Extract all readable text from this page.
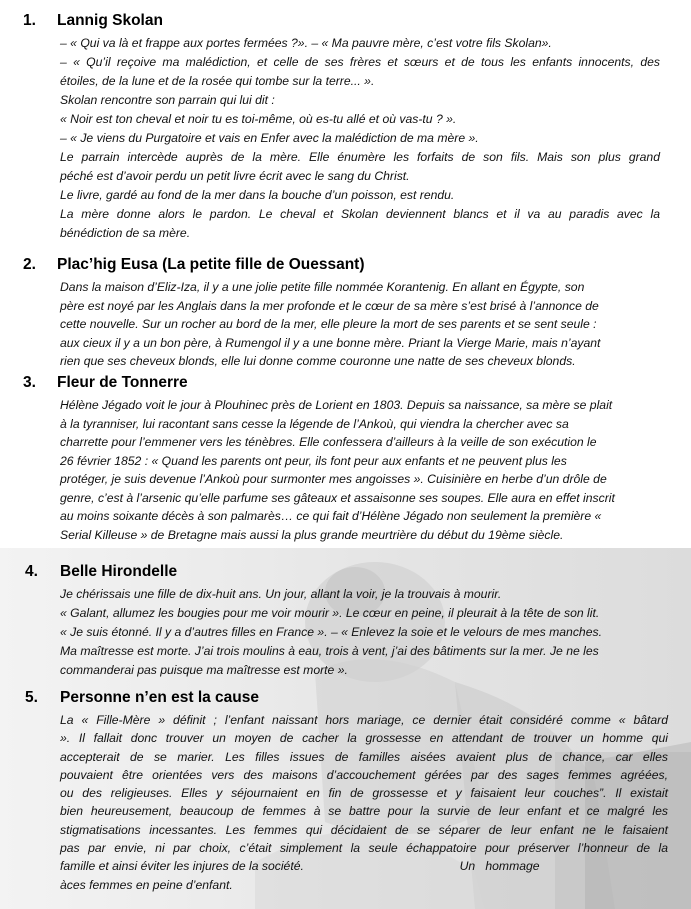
1. Lannig Skolan
– « Qui va là et frappe aux portes fermées ?». – « Ma pauvre mère, c’est votre fils Skolan».
– « Qu’il reçoive ma malédiction, et celle de ses frères et sœurs et de tous les enfants innocents, des
étoiles, de la lune et de la rosée qui tombe sur la terre... ».
Skolan rencontre son parrain qui lui dit :
« Noir est ton cheval et noir tu es toi-même, où es-tu allé et où vas-tu ? ».
– « Je viens du Purgatoire et vais en Enfer avec la malédiction de ma mère ».
Le parrain intercède auprès de la mère. Elle énumère les forfaits de son fils. Mais son plus grand
péché est d’avoir perdu un petit livre écrit avec le sang du Christ.
Le livre, gardé au fond de la mer dans la bouche d’un poisson, est rendu.
La mère donne alors le pardon. Le cheval et Skolan deviennent blancs et il va au paradis avec la
bénédiction de sa mère.
2. Plac’hig Eusa (La petite fille de Ouessant)
Dans la maison d’Eliz-Iza, il y a une jolie petite fille nommée Korantenig. En allant en Égypte, son
père est noyé par les Anglais dans la mer profonde et le cœur de sa mère s’est brisé à l’annonce de
cette nouvelle. Sur un rocher au bord de la mer, elle pleure la mort de ses parents et se sent seule :
aux cieux il y a un bon père, à Rumengol il y a une bonne mère. Priant la Vierge Marie, mais n’ayant
rien que ses cheveux blonds, elle lui donne comme couronne une natte de ses cheveux blonds.
3. Fleur de Tonnerre
Hélène Jégado voit le jour à Plouhinec près de Lorient en 1803. Depuis sa naissance, sa mère se plait
à la tyranniser, lui racontant sans cesse la légende de l’Ankoù, qui viendra la chercher avec sa
charrette pour l’emmener vers les ténèbres. Elle confessera d’ailleurs à la veille de son exécution le
26 février 1852 : « Quand les parents ont peur, ils font peur aux enfants et ne peuvent plus les
protéger, je suis devenue l’Ankoù pour surmonter mes angoisses ». Cuisinière en herbe d’un drôle de
genre, c’est à l’arsenic qu’elle parfume ses gâteaux et assaisonne ses soupes. Elle aura en effet inscrit
au moins soixante décès à son palmarès… ce qui fait d’Hélène Jégado non seulement la première «
Serial Killeuse » de Bretagne mais aussi la plus grande meurtrière du début du 19ème siècle.
4. Belle Hirondelle
Je chérissais une fille de dix-huit ans. Un jour, allant la voir, je la trouvais à mourir.
« Galant, allumez les bougies pour me voir mourir ». Le cœur en peine, il pleurait à la tête de son lit.
« Je suis étonné. Il y a d’autres filles en France ». – « Enlevez la soie et le velours de mes manches.
Ma maîtresse est morte. J’ai trois moulins à eau, trois à vent, j’ai des bâtiments sur la mer. Je ne les
commanderai pas puisque ma maîtresse est morte ».
5. Personne n’en est la cause
La « Fille-Mère » définit ; l’enfant naissant hors mariage, ce dernier était considéré comme « bâtard
». Il fallait donc trouver un moyen de cacher la grossesse en attendant de trouver un homme qui
accepterait de se marier. Les filles issues de familles aisées avaient plus de chance, car elles
pouvaient être orientées vers des maisons d’accouchement gérées par des sages femmes agréées,
ou des religieuses. Elles y séjournaient en fin de grossesse et y faisaient leur couches”. Il existait
bien heureusement, beaucoup de femmes à se battre pour la survie de leur enfant et ce malgré les
stigmatisations incessantes. Les femmes qui décidaient de se séparer de leur enfant ne le faisaient
pas par envie, ni par choix, c’était simplement la seule échappatoire pour préserver l’honneur de la
famille et ainsi éviter les injures de la société.                                              Un   hommage
àces femmes en peine d’enfant.
